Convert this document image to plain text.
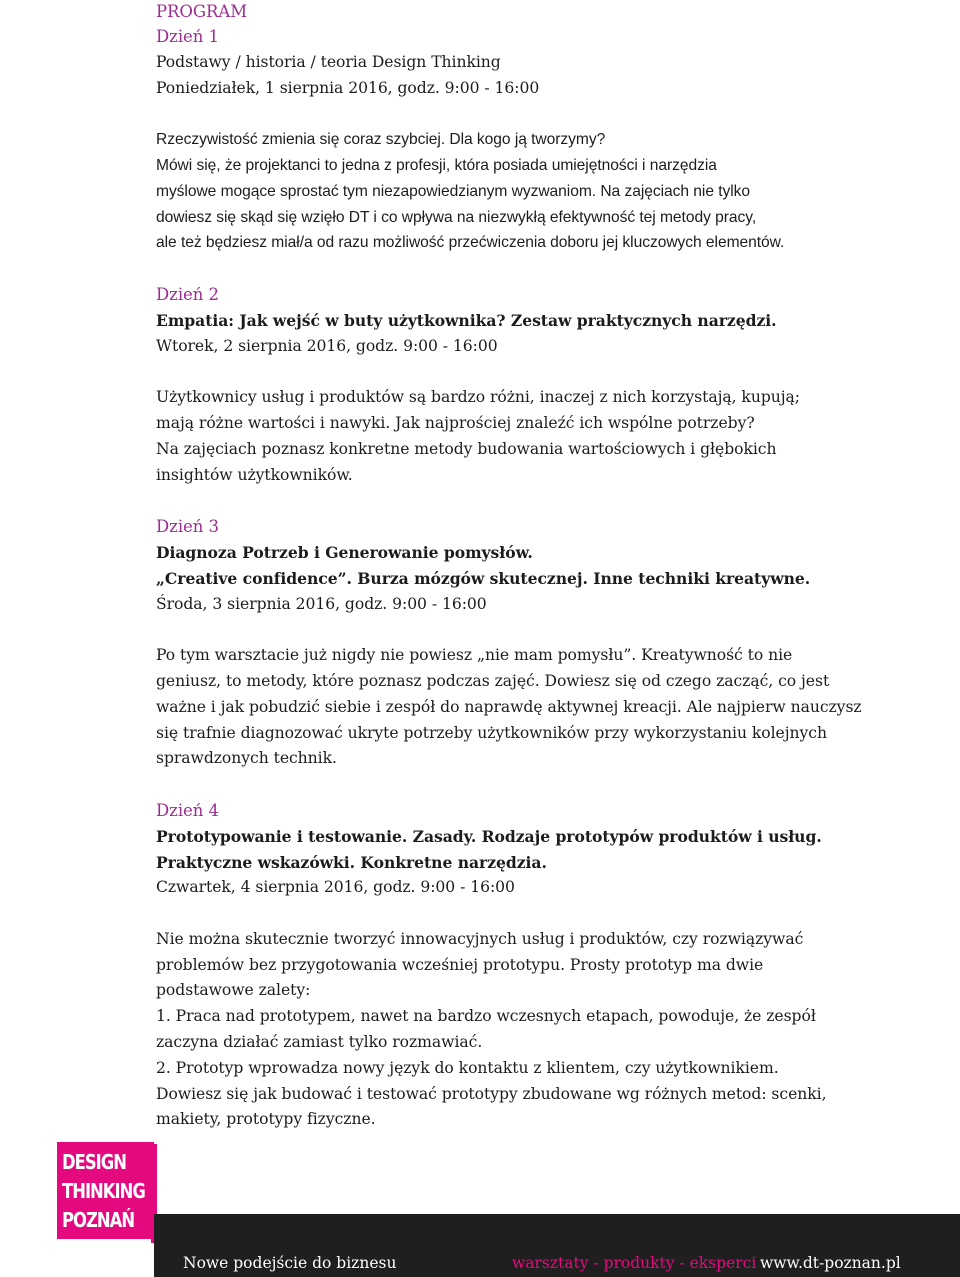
PROGRAM
Dzień 1
Podstawy / historia / teoria Design Thinking
Poniedziałek, 1 sierpnia 2016, godz. 9:00 - 16:00
Rzeczywistość zmienia się coraz szybciej. Dla kogo ją tworzymy?
Mówi się, że projektanci to jedna z profesji, która posiada umiejętności i narzędzia
myślowe mogące sprostać tym niezapowiedzianym wyzwaniom. Na zajęciach nie tylko
dowiesz się skąd się wzięło DT i co wpływa na niezwykłą efektywność tej metody pracy,
ale też będziesz miał/a od razu możliwość przećwiczenia doboru jej kluczowych elementów.
Dzień 2
Empatia: Jak wejść w buty użytkownika? Zestaw praktycznych narzędzi.
Wtorek, 2 sierpnia 2016, godz. 9:00 - 16:00
Użytkownicy usług i produktów są bardzo różni, inaczej z nich korzystają, kupują;
mają różne wartości i nawyki. Jak najprościej znaleźć ich wspólne potrzeby?
Na zajęciach poznasz konkretne metody budowania wartościowych i głębokich
insightów użytkowników.
Dzień 3
Diagnoza Potrzeb i Generowanie pomysłów.
„Creative confidence”. Burza mózgów skutecznej. Inne techniki kreatywne.
Środa, 3 sierpnia 2016, godz. 9:00 - 16:00
Po tym warsztacie już nigdy nie powiesz „nie mam pomysłu”. Kreatywność to nie
geniusz, to metody, które poznasz podczas zajęć. Dowiesz się od czego zacząć, co jest
ważne i jak pobudzić siebie i zespół do naprawdę aktywnej kreacji. Ale najpierw nauczysz
się trafnie diagnozować ukryte potrzeby użytkowników przy wykorzystaniu kolejnych
sprawdzonych technik.
Dzień 4
Prototypowanie i testowanie. Zasady. Rodzaje prototypów produktów i usług.
Praktyczne wskazówki. Konkretne narzędzia.
Czwartek, 4 sierpnia 2016, godz. 9:00 - 16:00
Nie można skutecznie tworzyć innowacyjnych usług i produktów, czy rozwiązywać
problemów bez przygotowania wcześniej prototypu. Prosty prototyp ma dwie
podstawowe zalety:
1. Praca nad prototypem, nawet na bardzo wczesnych etapach, powoduje, że zespół
zaczyna działać zamiast tylko rozmawiać.
2. Prototyp wprowadza nowy język do kontaktu z klientem, czy użytkownikiem.
Dowiesz się jak budować i testować prototypy zbudowane wg różnych metod: scenki,
makiety, prototypy fizyczne.
DESIGN
THINKING
POZNAŃ
Nowe podejście do biznesu	warsztaty - produkty - eksperci www.dt-poznan.pl
